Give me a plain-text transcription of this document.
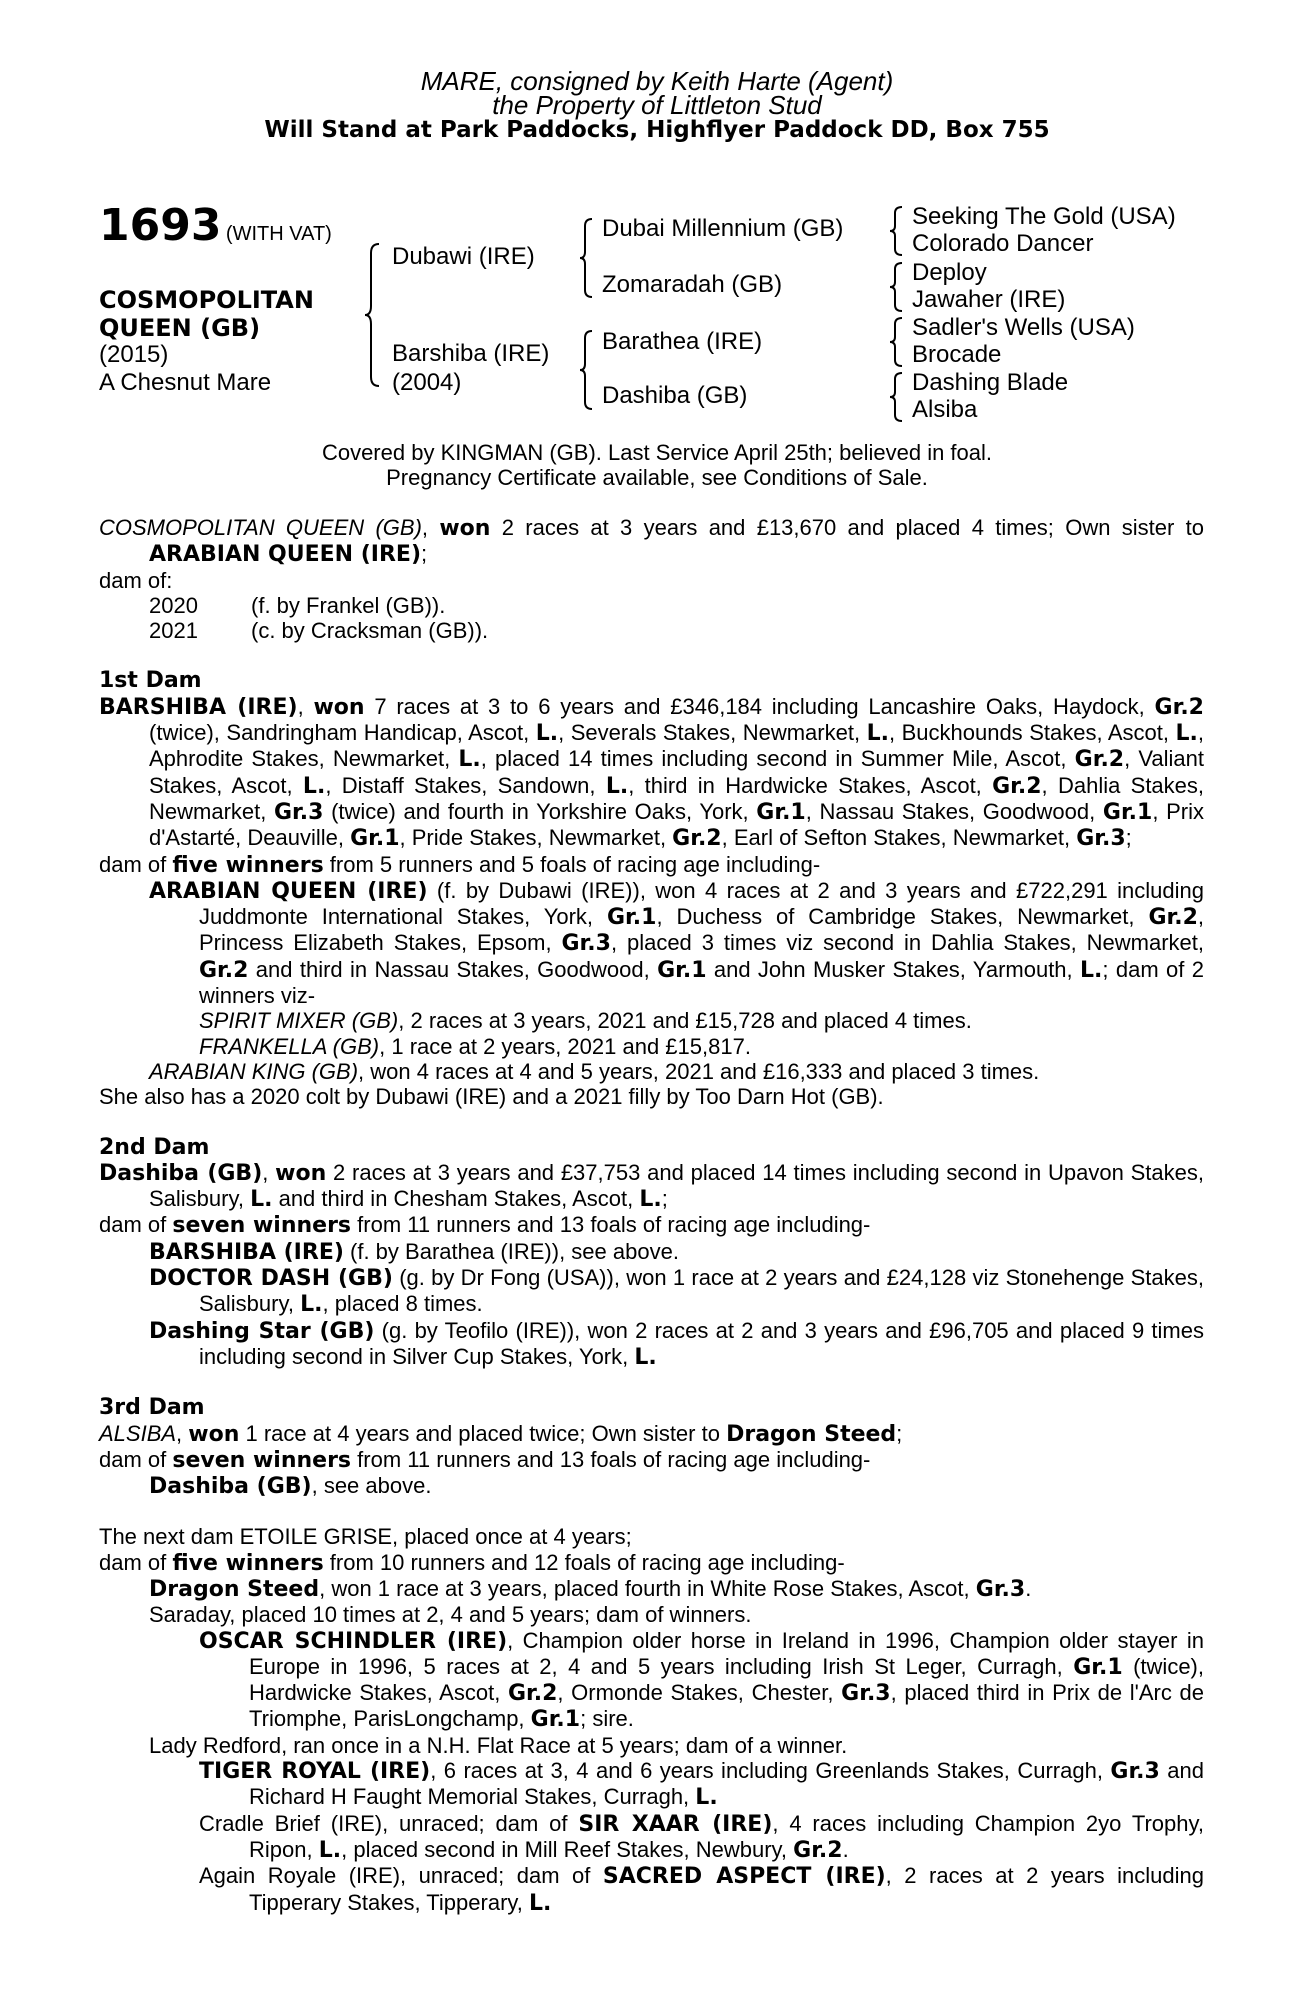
MARE, consigned by Keith Harte (Agent)
the Property of Littleton Stud
Will Stand at Park Paddocks, Highflyer Paddock DD, Box 755
1693 (WITH VAT)
COSMOPOLITAN
QUEEN (GB)
(2015)
A Chesnut Mare
Dubawi (IRE)
Barshiba (IRE)
(2004)
Dubai Millennium (GB)
Zomaradah (GB)
Barathea (IRE)
Dashiba (GB)
Seeking The Gold (USA)
Colorado Dancer
Deploy
Jawaher (IRE)
Sadler's Wells (USA)
Brocade
Dashing Blade
Alsiba
Covered by KINGMAN (GB). Last Service April 25th; believed in foal.
Pregnancy Certificate available, see Conditions of Sale.
COSMOPOLITAN QUEEN (GB), won 2 races at 3 years and £13,670 and placed 4 times; Own sister to ARABIAN QUEEN (IRE);
dam of:
2020	(f. by Frankel (GB)).
2021	(c. by Cracksman (GB)).
1st Dam
BARSHIBA (IRE), won 7 races at 3 to 6 years and £346,184 including Lancashire Oaks, Haydock, Gr.2 (twice), Sandringham Handicap, Ascot, L., Severals Stakes, Newmarket, L., Buckhounds Stakes, Ascot, L., Aphrodite Stakes, Newmarket, L., placed 14 times including second in Summer Mile, Ascot, Gr.2, Valiant Stakes, Ascot, L., Distaff Stakes, Sandown, L., third in Hardwicke Stakes, Ascot, Gr.2, Dahlia Stakes, Newmarket, Gr.3 (twice) and fourth in Yorkshire Oaks, York, Gr.1, Nassau Stakes, Goodwood, Gr.1, Prix d'Astarté, Deauville, Gr.1, Pride Stakes, Newmarket, Gr.2, Earl of Sefton Stakes, Newmarket, Gr.3;
dam of five winners from 5 runners and 5 foals of racing age including-
ARABIAN QUEEN (IRE) (f. by Dubawi (IRE)), won 4 races at 2 and 3 years and £722,291 including Juddmonte International Stakes, York, Gr.1, Duchess of Cambridge Stakes, Newmarket, Gr.2, Princess Elizabeth Stakes, Epsom, Gr.3, placed 3 times viz second in Dahlia Stakes, Newmarket, Gr.2 and third in Nassau Stakes, Goodwood, Gr.1 and John Musker Stakes, Yarmouth, L.; dam of 2 winners viz-
SPIRIT MIXER (GB), 2 races at 3 years, 2021 and £15,728 and placed 4 times.
FRANKELLA (GB), 1 race at 2 years, 2021 and £15,817.
ARABIAN KING (GB), won 4 races at 4 and 5 years, 2021 and £16,333 and placed 3 times.
She also has a 2020 colt by Dubawi (IRE) and a 2021 filly by Too Darn Hot (GB).
2nd Dam
Dashiba (GB), won 2 races at 3 years and £37,753 and placed 14 times including second in Upavon Stakes, Salisbury, L. and third in Chesham Stakes, Ascot, L.;
dam of seven winners from 11 runners and 13 foals of racing age including-
BARSHIBA (IRE) (f. by Barathea (IRE)), see above.
DOCTOR DASH (GB) (g. by Dr Fong (USA)), won 1 race at 2 years and £24,128 viz Stonehenge Stakes, Salisbury, L., placed 8 times.
Dashing Star (GB) (g. by Teofilo (IRE)), won 2 races at 2 and 3 years and £96,705 and placed 9 times including second in Silver Cup Stakes, York, L.
3rd Dam
ALSIBA, won 1 race at 4 years and placed twice; Own sister to Dragon Steed;
dam of seven winners from 11 runners and 13 foals of racing age including-
Dashiba (GB), see above.
The next dam ETOILE GRISE, placed once at 4 years;
dam of five winners from 10 runners and 12 foals of racing age including-
Dragon Steed, won 1 race at 3 years, placed fourth in White Rose Stakes, Ascot, Gr.3.
Saraday, placed 10 times at 2, 4 and 5 years; dam of winners.
OSCAR SCHINDLER (IRE), Champion older horse in Ireland in 1996, Champion older stayer in Europe in 1996, 5 races at 2, 4 and 5 years including Irish St Leger, Curragh, Gr.1 (twice), Hardwicke Stakes, Ascot, Gr.2, Ormonde Stakes, Chester, Gr.3, placed third in Prix de l'Arc de Triomphe, ParisLongchamp, Gr.1; sire.
Lady Redford, ran once in a N.H. Flat Race at 5 years; dam of a winner.
TIGER ROYAL (IRE), 6 races at 3, 4 and 6 years including Greenlands Stakes, Curragh, Gr.3 and Richard H Faught Memorial Stakes, Curragh, L.
Cradle Brief (IRE), unraced; dam of SIR XAAR (IRE), 4 races including Champion 2yo Trophy, Ripon, L., placed second in Mill Reef Stakes, Newbury, Gr.2.
Again Royale (IRE), unraced; dam of SACRED ASPECT (IRE), 2 races at 2 years including Tipperary Stakes, Tipperary, L.
